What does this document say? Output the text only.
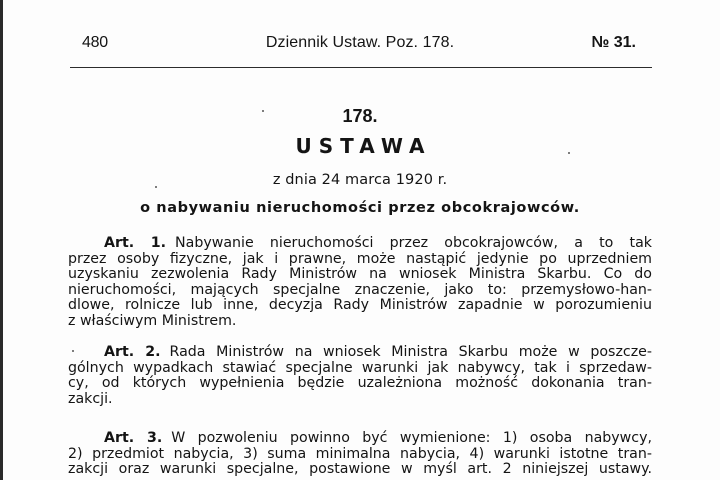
480	Dziennik Ustaw. Poz. 178.	№ 31.
178.
USTAWA
z dnia 24 marca 1920 r.
o nabywaniu nieruchomości przez obcokrajowców.
Art. 1. Nabywanie nieruchomości przez obcokrajowców, a to tak
przez osoby fizyczne, jak i prawne, może nastąpić jedynie po uprzedniem
uzyskaniu zezwolenia Rady Ministrów na wniosek Ministra Skarbu. Co do
nieruchomości, mających specjalne znaczenie, jako to: przemysłowo-han-
dlowe, rolnicze lub inne, decyzja Rady Ministrów zapadnie w porozumieniu
z właściwym Ministrem.
Art. 2. Rada Ministrów na wniosek Ministra Skarbu może w poszcze-
gólnych wypadkach stawiać specjalne warunki jak nabywcy, tak i sprzedaw-
cy, od których wypełnienia będzie uzależniona możność dokonania tran-
zakcji.
Art. 3. W pozwoleniu powinno być wymienione: 1) osoba nabywcy,
2) przedmiot nabycia, 3) suma minimalna nabycia, 4) warunki istotne tran-
zakcji oraz warunki specjalne, postawione w myśl art. 2 niniejszej ustawy.
